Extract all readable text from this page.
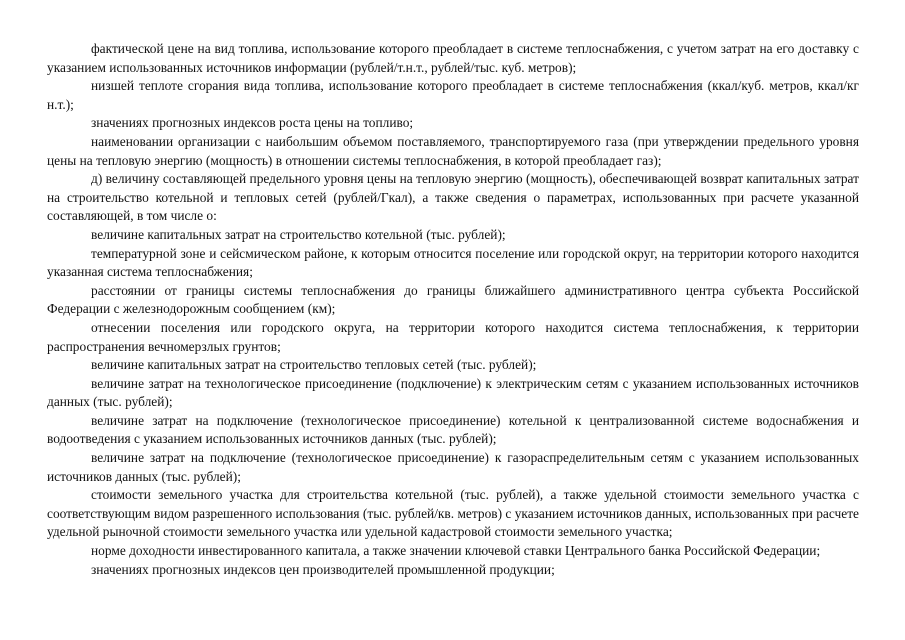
фактической цене на вид топлива, использование которого преобладает в системе теплоснабжения, с учетом затрат на его доставку с указанием использованных источников информации (рублей/т.н.т., рублей/тыс. куб. метров);

низшей теплоте сгорания вида топлива, использование которого преобладает в системе теплоснабжения (ккал/куб. метров, ккал/кг н.т.);

значениях прогнозных индексов роста цены на топливо;

наименовании организации с наибольшим объемом поставляемого, транспортируемого газа (при утверждении предельного уровня цены на тепловую энергию (мощность) в отношении системы теплоснабжения, в которой преобладает газ);

д) величину составляющей предельного уровня цены на тепловую энергию (мощность), обеспечивающей возврат капитальных затрат на строительство котельной и тепловых сетей (рублей/Гкал), а также сведения о параметрах, использованных при расчете указанной составляющей, в том числе о:

величине капитальных затрат на строительство котельной (тыс. рублей);

температурной зоне и сейсмическом районе, к которым относится поселение или городской округ, на территории которого находится указанная система теплоснабжения;

расстоянии от границы системы теплоснабжения до границы ближайшего административного центра субъекта Российской Федерации с железнодорожным сообщением (км);

отнесении поселения или городского округа, на территории которого находится система теплоснабжения, к территории распространения вечномерзлых грунтов;

величине капитальных затрат на строительство тепловых сетей (тыс. рублей);

величине затрат на технологическое присоединение (подключение) к электрическим сетям с указанием использованных источников данных (тыс. рублей);

величине затрат на подключение (технологическое присоединение) котельной к централизованной системе водоснабжения и водоотведения с указанием использованных источников данных (тыс. рублей);

величине затрат на подключение (технологическое присоединение) к газораспределительным сетям с указанием использованных источников данных (тыс. рублей);

стоимости земельного участка для строительства котельной (тыс. рублей), а также удельной стоимости земельного участка с соответствующим видом разрешенного использования (тыс. рублей/кв. метров) с указанием источников данных, использованных при расчете удельной рыночной стоимости земельного участка или удельной кадастровой стоимости земельного участка;

норме доходности инвестированного капитала, а также значении ключевой ставки Центрального банка Российской Федерации;

значениях прогнозных индексов цен производителей промышленной продукции;
